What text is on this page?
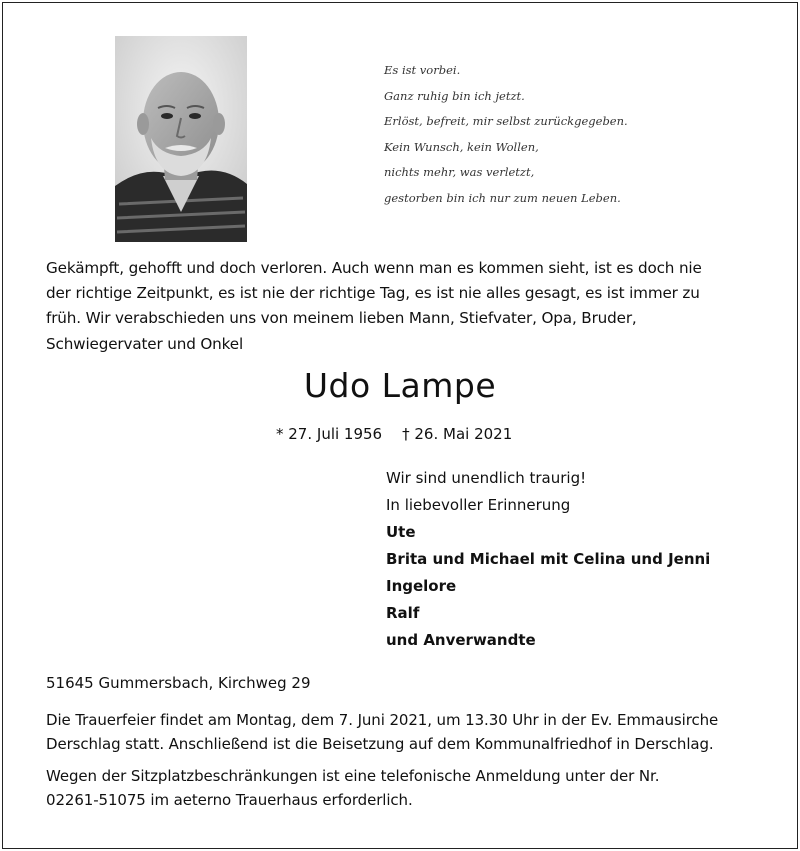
Es ist vorbei.
Ganz ruhig bin ich jetzt.
Erlöst, befreit, mir selbst zurückgegeben.
Kein Wunsch, kein Wollen,
nichts mehr, was verletzt,
gestorben bin ich nur zum neuen Leben.
Gekämpft, gehofft und doch verloren. Auch wenn man es kommen sieht, ist es doch nie
der richtige Zeitpunkt, es ist nie der richtige Tag, es ist nie alles gesagt, es ist immer zu
früh. Wir verabschieden uns von meinem lieben Mann, Stiefvater, Opa, Bruder,
Schwiegervater und Onkel
Udo Lampe
* 27. Juli 1956 † 26. Mai 2021
Wir sind unendlich traurig!
In liebevoller Erinnerung
Ute
Brita und Michael mit Celina und Jenni
Ingelore
Ralf
und Anverwandte
51645 Gummersbach, Kirchweg 29
Die Trauerfeier findet am Montag, dem 7. Juni 2021, um 13.30 Uhr in der Ev. Emmausirche
Derschlag statt. Anschließend ist die Beisetzung auf dem Kommunalfriedhof in Derschlag.
Wegen der Sitzplatzbeschränkungen ist eine telefonische Anmeldung unter der Nr.
02261-51075 im aeterno Trauerhaus erforderlich.
